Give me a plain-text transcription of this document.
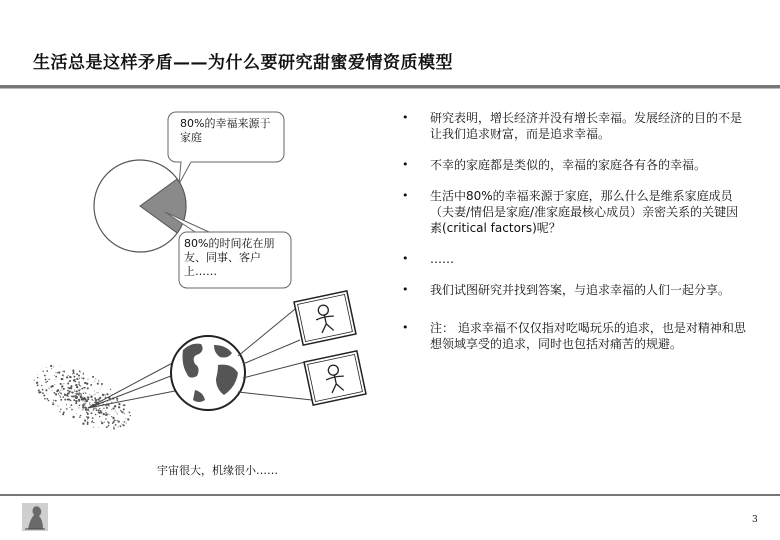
生活总是这样矛盾——为什么要研究甜蜜爱情资质模型
80%的幸福来源于家庭
80%的时间花在朋友、同事、客户上……
宇宙很大，机缘很小……
• 研究表明，增长经济并没有增长幸福。发展经济的目的不是让我们追求财富，而是追求幸福。
• 不幸的家庭都是类似的，幸福的家庭各有各的幸福。
• 生活中80%的幸福来源于家庭，那么什么是维系家庭成员（夫妻/情侣是家庭/准家庭最核心成员）亲密关系的关键因素(critical factors)呢？
• ……
• 我们试图研究并找到答案，与追求幸福的人们一起分享。
• 注： 追求幸福不仅仅指对吃喝玩乐的追求，也是对精神和思想领域享受的追求，同时也包括对痛苦的规避。
3
